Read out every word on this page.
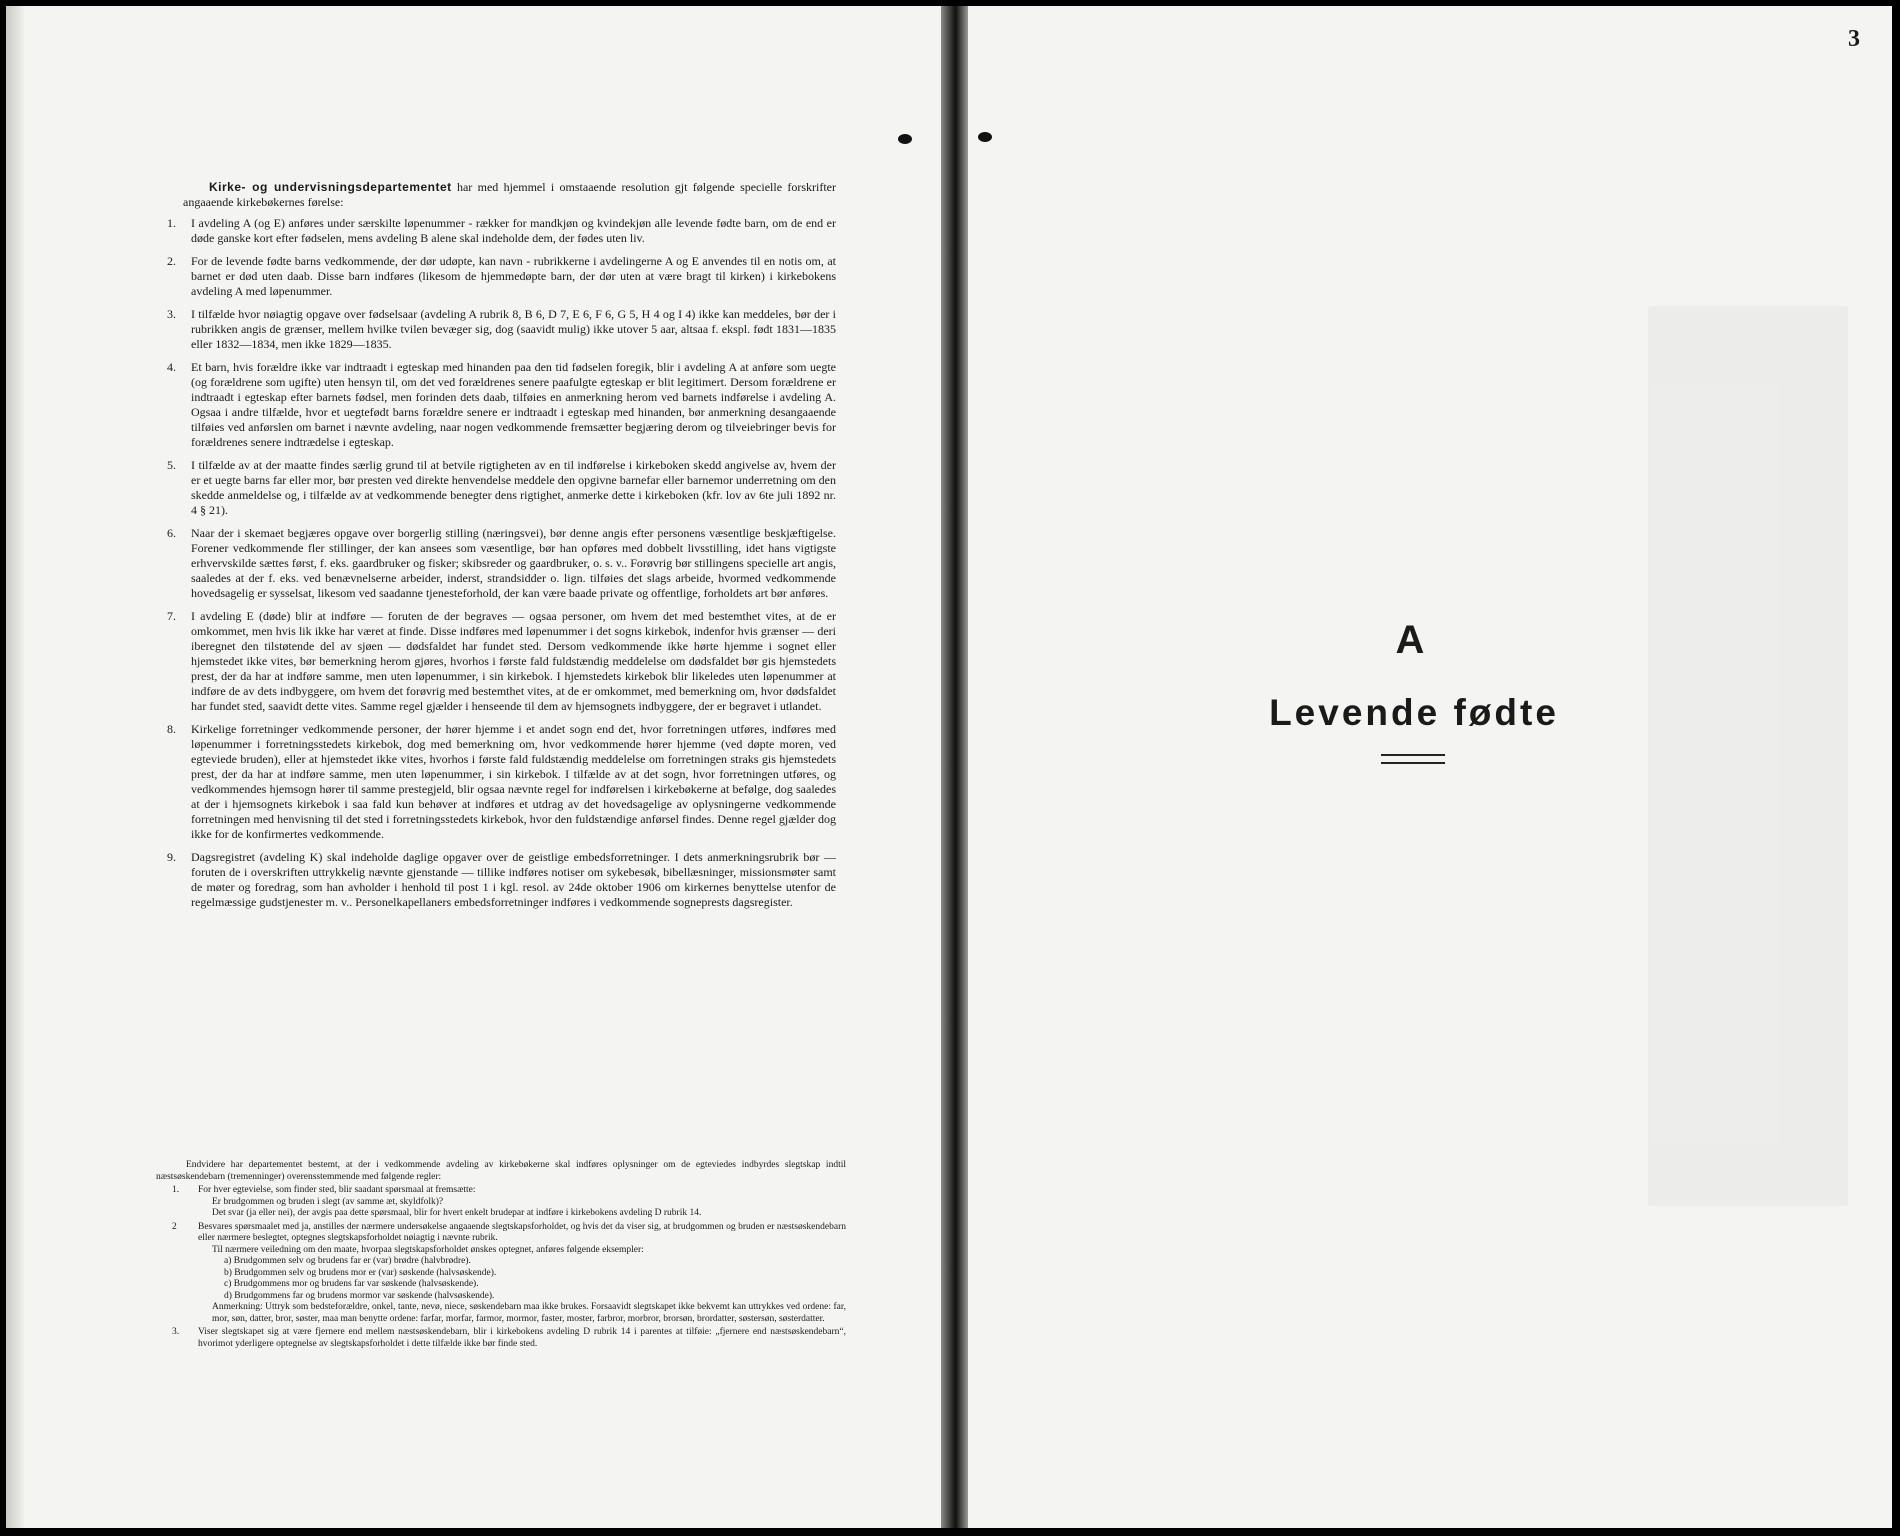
Kirke- og undervisningsdepartementet har med hjemmel i omstaaende resolution gjt følgende specielle forskrifter angaaende kirkebøkernes førelse:

1. I avdeling A (og E) anføres under særskilte løpenummer - rækker for mandkjøn og kvindekjøn alle levende fødte barn, om de end er døde ganske kort efter fødselen, mens avdeling B alene skal indeholde dem, der fødes uten liv.
2. For de levende fødte barns vedkommende, der dør udøpte, kan navn - rubrikkerne i avdelingerne A og E anvendes til en notis om, at barnet er død uten daab. Disse barn indføres (likesom de hjemmedøpte barn, der dør uten at være bragt til kirken) i kirkebokens avdeling A med løpenummer.
3. I tilfælde hvor nøiagtig opgave over fødselsaar (avdeling A rubrik 8, B 6, D 7, E 6, F 6, G 5, H 4 og I 4) ikke kan meddeles, bør der i rubrikken angis de grænser, mellem hvilke tvilen bevæger sig, dog (saavidt mulig) ikke utover 5 aar, altsaa f. ekspl. født 1831—1835 eller 1832—1834, men ikke 1829—1835.
4. Et barn, hvis forældre ikke var indtraadt i egteskap med hinanden paa den tid fødselen foregik, blir i avdeling A at anføre som uegte (og forældrene som ugifte) uten hensyn til, om det ved forældrenes senere paafulgte egteskap er blit legitimert. Dersom forældrene er indtraadt i egteskap efter barnets fødsel, men forinden dets daab, tilføies en anmerkning herom ved barnets indførelse i avdeling A. Ogsaa i andre tilfælde, hvor et uegtefødt barns forældre senere er indtraadt i egteskap med hinanden, bør anmerkning desangaaende tilføies ved anførslen om barnet i nævnte avdeling, naar nogen vedkommende fremsætter begjæring derom og tilveiebringer bevis for forældrenes senere indtrædelse i egteskap.
5. I tilfælde av at der maatte findes særlig grund til at betvile rigtigheten av en til indførelse i kirkeboken skedd angivelse av, hvem der er et uegte barns far eller mor, bør presten ved direkte henvendelse meddele den opgivne barnefar eller barnemor underretning om den skedde anmeldelse og, i tilfælde av at vedkommende benegter dens rigtighet, anmerke dette i kirkeboken (kfr. lov av 6te juli 1892 nr. 4 § 21).
6. Naar der i skemaet begjæres opgave over borgerlig stilling (næringsvei), bør denne angis efter personens væsentlige beskjæftigelse. Forener vedkommende fler stillinger, der kan ansees som væsentlige, bør han opføres med dobbelt livsstilling, idet hans vigtigste erhvervskilde sættes først, f. eks. gaardbruker og fisker; skibsreder og gaardbruker, o. s. v.. Forøvrig bør stillingens specielle art angis, saaledes at der f. eks. ved benævnelserne arbeider, inderst, strandsidder o. lign. tilføies det slags arbeide, hvormed vedkommende hovedsagelig er sysselsat, likesom ved saadanne tjenesteforhold, der kan være baade private og offentlige, forholdets art bør anføres.
7. I avdeling E (døde) blir at indføre — foruten de der begraves — ogsaa personer, om hvem det med bestemthet vites, at de er omkommet, men hvis lik ikke har været at finde. Disse indføres med løpenummer i det sogns kirkebok, indenfor hvis grænser — deri iberegnet den tilstøtende del av sjøen — dødsfaldet har fundet sted. Dersom vedkommende ikke hørte hjemme i sognet eller hjemstedet ikke vites, bør bemerkning herom gjøres, hvorhos i første fald fuldstændig meddelelse om dødsfaldet bør gis hjemstedets prest, der da har at indføre samme, men uten løpenummer, i sin kirkebok. I hjemstedets kirkebok blir likeledes uten løpenummer at indføre de av dets indbyggere, om hvem det forøvrig med bestemthet vites, at de er omkommet, med bemerkning om, hvor dødsfaldet har fundet sted, saavidt dette vites. Samme regel gjælder i henseende til dem av hjemsognets indbyggere, der er begravet i utlandet.
8. Kirkelige forretninger vedkommende personer, der hører hjemme i et andet sogn end det, hvor forretningen utføres, indføres med løpenummer i forretningsstedets kirkebok, dog med bemerkning om, hvor vedkommende hører hjemme (ved døpte moren, ved egteviede bruden), eller at hjemstedet ikke vites, hvorhos i første fald fuldstændig meddelelse om forretningen straks gis hjemstedets prest, der da har at indføre samme, men uten løpenummer, i sin kirkebok. I tilfælde av at det sogn, hvor forretningen utføres, og vedkommendes hjemsogn hører til samme prestegjeld, blir ogsaa nævnte regel for indførelsen i kirkebøkerne at befølge, dog saaledes at der i hjemsognets kirkebok i saa fald kun behøver at indføres et utdrag av det hovedsagelige av oplysningerne vedkommende forretningen med henvisning til det sted i forretningsstedets kirkebok, hvor den fuldstændige anførsel findes. Denne regel gjælder dog ikke for de konfirmertes vedkommende.
9. Dagsregistret (avdeling K) skal indeholde daglige opgaver over de geistlige embedsforretninger. I dets anmerkningsrubrik bør — foruten de i overskriften uttrykkelig nævnte gjenstande — tillike indføres notiser om sykebesøk, bibellæsninger, missionsmøter samt de møter og foredrag, som han avholder i henhold til post 1 i kgl. resol. av 24de oktober 1906 om kirkernes benyttelse utenfor de regelmæssige gudstjenester m. v.. Personelkapellaners embedsforretninger indføres i vedkommende sogneprests dagsregister.

Endvidere har departementet bestemt, at der i vedkommende avdeling av kirkebøkerne skal indføres oplysninger om de egteviedes indbyrdes slegtskap indtil næstsøskendebarn (tremenninger) overensstemmende med følgende regler:

1. For hver egtevielse, som finder sted, blir saadant spørsmaal at fremsætte:
Er brudgommen og bruden i slegt (av samme æt, skyldfolk)?
Det svar (ja eller nei), der avgis paa dette spørsmaal, blir for hvert enkelt brudepar at indføre i kirkebokens avdeling D rubrik 14.
2 Besvares spørsmaalet med ja, anstilles der nærmere undersøkelse angaaende slegtskapsforholdet, og hvis det da viser sig, at brudgommen og bruden er næstsøskendebarn eller nærmere beslegtet, optegnes slegtskapsforholdet nøiagtig i nævnte rubrik.
Til nærmere veiledning om den maate, hvorpaa slegtskapsforholdet ønskes optegnet, anføres følgende eksempler:
a) Brudgommen selv og brudens far er (var) brødre (halvbrødre).
b) Brudgommen selv og brudens mor er (var) søskende (halvsøskende).
c) Brudgommens mor og brudens far var søskende (halvsøskende).
d) Brudgommens far og brudens mormor var søskende (halvsøskende).
Anmerkning: Uttryk som bedsteforældre, onkel, tante, nevø, niece, søskendebarn maa ikke brukes. Forsaavidt slegtskapet ikke bekvemt kan uttrykkes ved ordene: far, mor, søn, datter, bror, søster, maa man benytte ordene: farfar, morfar, farmor, mormor, faster, moster, farbror, morbror, brorsøn, brordatter, søstersøn, søsterdatter.
3. Viser slegtskapet sig at være fjernere end mellem næstsøskendebarn, blir i kirkebokens avdeling D rubrik 14 i parentes at tilføie: „fjernere end næstsøskendebarn“, hvorimot yderligere optegnelse av slegtskapsforholdet i dette tilfælde ikke bør finde sted.
3
A
Levende fødte
